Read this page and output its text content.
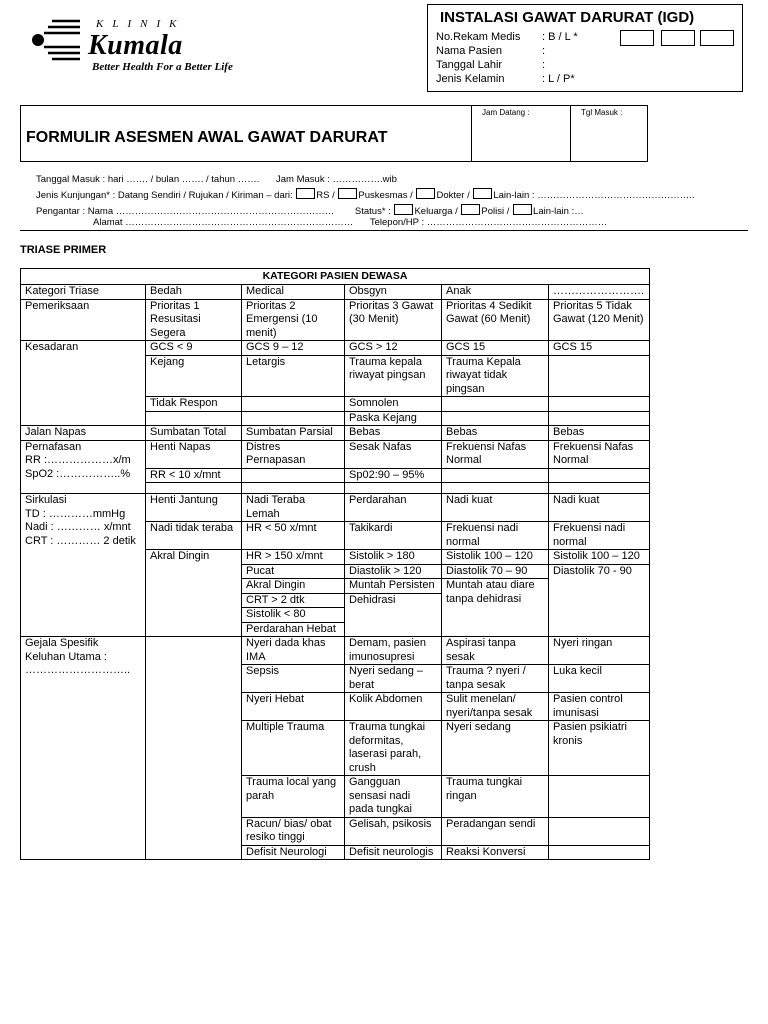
KLINIK
Kumala
Better Health For a Better Life
INSTALASI GAWAT DARURAT (IGD)
No.Rekam Medis : B / L *
Nama Pasien	:
Tanggal Lahir	:
Jenis Kelamin	: L / P*
FORMULIR ASESMEN AWAL GAWAT DARURAT
Jam Datang :	Tgl Masuk :
Tanggal Masuk : hari ……. / bulan ……. / tahun ……. Jam Masuk : …………….wib
Jenis Kunjungan* : Datang Sendiri / Rujukan / Kiriman – dari: RS / Puskesmas / Dokter / Lain-lain : …………………………………………..
Pengantar : Nama …………………………………………………………… Status* : Keluarga / Polisi / Lain-lain :…
Alamat ……………………………………………………………… Telepon/HP : …………………………………………………
TRIASE PRIMER
KATEGORI PASIEN DEWASA					
Kategori Triase	Bedah	Medical	Obsgyn	Anak	…………………….
Pemeriksaan	Prioritas 1 Resusitasi Segera	Prioritas 2 Emergensi (10 menit)	Prioritas 3 Gawat (30 Menit)	Prioritas 4 Sedikit Gawat (60 Menit)	Prioritas 5 Tidak Gawat (120 Menit)
Kesadaran	GCS < 9	GCS 9 – 12	GCS > 12	GCS 15	GCS 15
	Kejang	Letargis	Trauma kepala riwayat pingsan	Trauma Kepala riwayat tidak pingsan	
	Tidak Respon		Somnolen		
			Paska Kejang		
Jalan Napas	Sumbatan Total	Sumbatan Parsial	Bebas	Bebas	Bebas

Pernafasan
RR :………………x/m
SpO2 :……………..%	Henti Napas	Distres Pernapasan	Sesak Nafas	Frekuensi Nafas Normal	Frekuensi Nafas Normal
	RR < 10 x/mnt		Sp02:90 – 95%		

Sirkulasi
TD : …………mmHg
Nadi : ………… x/mnt
CRT : ………… 2 detik	Henti Jantung	Nadi Teraba Lemah	Perdarahan	Nadi kuat	Nadi kuat
	Nadi tidak teraba	HR < 50 x/mnt	Takikardi	Frekuensi nadi normal	Frekuensi nadi normal
	Akral Dingin	HR > 150 x/mnt	Sistolik > 180	Sistolik 100 – 120	Sistolik 100 – 120
		Pucat	Diastolik > 120	Diastolik 70 – 90	Diastolik 70 - 90
		Akral Dingin	Muntah Persisten	Muntah atau diare tanpa dehidrasi	
		CRT > 2 dtk	Dehidrasi		
		Sistolik < 80			
		Perdarahan Hebat			

Gejala Spesifik Keluhan Utama :
………………………..		Nyeri dada khas IMA	Demam, pasien imunosupresi	Aspirasi tanpa sesak	Nyeri ringan
		Sepsis	Nyeri sedang – berat	Trauma ? nyeri / tanpa sesak	Luka kecil
		Nyeri Hebat	Kolik Abdomen	Sulit menelan/ nyeri/tanpa sesak	Pasien control imunisasi
		Multiple Trauma	Trauma tungkai deformitas, laserasi parah, crush	Nyeri sedang	Pasien psikiatri kronis
		Trauma local yang parah	Gangguan sensasi nadi pada tungkai	Trauma tungkai ringan	
		Racun/ bias/ obat resiko tinggi	Gelisah, psikosis	Peradangan sendi	
		Defisit Neurologi	Defisit neurologis	Reaksi Konversi	
